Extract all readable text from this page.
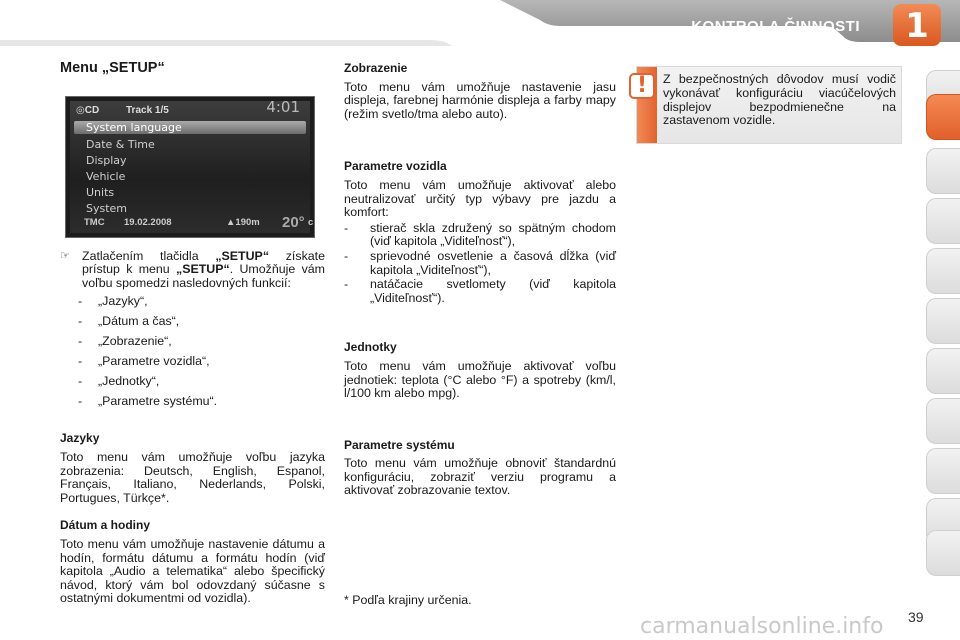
KONTROLA ČINNOSTI 1
Menu „SETUP“
◎CD	Track 1/5	4:01
System language
Date & Time
Display
Vehicle
Units
System
TMC 19.02.2008	▲ 190m 20° c
☞ Zatlačením tlačidla „SETUP“ získate prístup k menu „SETUP“. Umožňuje vám voľbu spomedzi nasledovných funkcií:
- „Jazyky“,
- „Dátum a čas“,
- „Zobrazenie“,
- „Parametre vozidla“,
- „Jednotky“,
- „Parametre systému“.
Jazyky
Toto menu vám umožňuje voľbu jazyka zobrazenia: Deutsch, English, Espanol, Français, Italiano, Nederlands, Polski, Portugues, Türkçe*.
Dátum a hodiny
Toto menu vám umožňuje nastavenie dátumu a hodín, formátu dátumu a formátu hodín (viď kapitola „Audio a telematika“ alebo špecifický návod, ktorý vám bol odovzdaný súčasne s ostatnými dokumentmi od vozidla).
Zobrazenie
Toto menu vám umožňuje nastavenie jasu displeja, farebnej harmónie displeja a farby mapy (režim svetlo/tma alebo auto).
Parametre vozidla
Toto menu vám umožňuje aktivovať alebo neutralizovať určitý typ výbavy pre jazdu a komfort:
-	stierač skla združený so spätným chodom (viď kapitola „Viditeľnosť“),
-	sprievodné osvetlenie a časová dĺžka (viď kapitola „Viditeľnosť“),
-	natáčacie svetlomety (viď kapitola „Viditeľnosť“).
Jednotky
Toto menu vám umožňuje aktivovať voľbu jednotiek: teplota (°C alebo °F) a spotreby (km/l, l/100 km alebo mpg).
Parametre systému
Toto menu vám umožňuje obnoviť štandardnú konfiguráciu, zobraziť verziu programu a aktivovať zobrazovanie textov.
* Podľa krajiny určenia.
!	Z bezpečnostných dôvodov musí vodič vykonávať konfiguráciu viacúčelových displejov bezpodmienečne na zastavenom vozidle.
carmanualsonline.info 39
